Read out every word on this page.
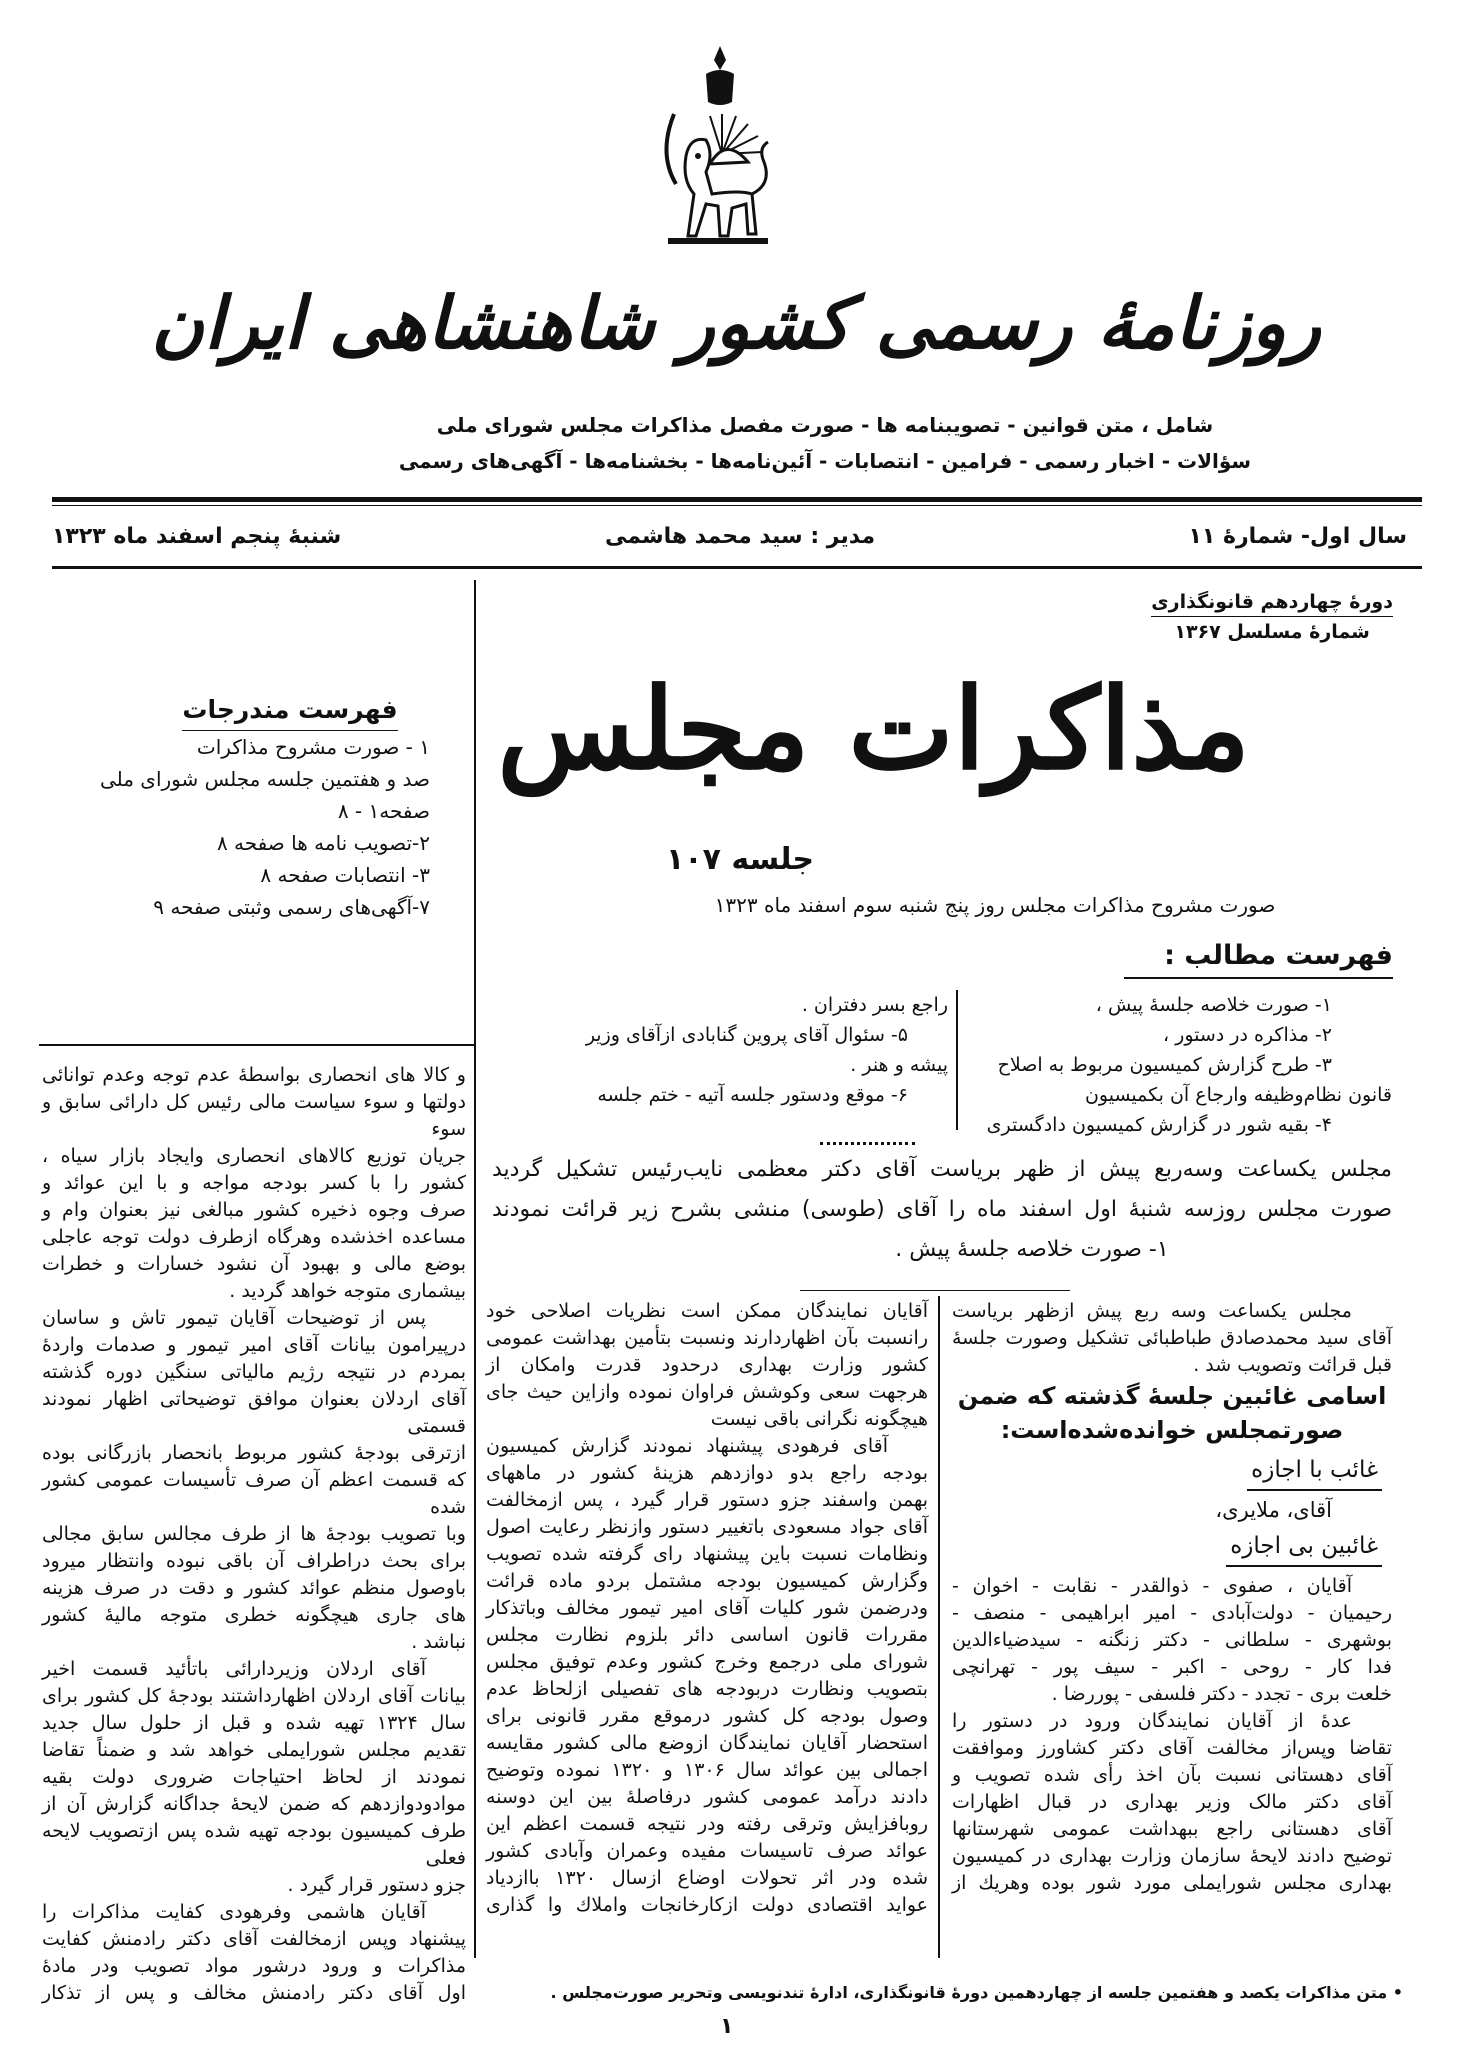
روزنامهٔ رسمی کشور شاهنشاهی ایران
شامل ، متن قوانین - تصویبنامه ها - صورت مفصل مذاکرات مجلس شورای ملی
سؤالات - اخبار رسمی - فرامین - انتصابات - آئین‌نامه‌ها - بخشنامه‌ها - آگهی‌های رسمی
سال اول- شمارهٔ ۱۱
مدیر : سید محمد هاشمی
شنبهٔ پنجم اسفند ماه ۱۳۲۳
فهرست مندرجات
۱ - صورت مشروح مذاکرات
صد و هفتمین جلسه مجلس شورای ملی
صفحه۱ - ۸
۲-تصویب نامه ها صفحه ۸
۳- انتصابات صفحه ۸
۷-آگهی‌های رسمی وثبتی صفحه ۹
دورهٔ چهاردهم قانونگذاری
شمارهٔ مسلسل ۱۳۶۷
مذاکرات مجلس
جلسه ۱۰۷
صورت مشروح مذاکرات مجلس روز پنج شنبه سوم اسفند ماه ۱۳۲۳
فهرست مطالب :
۱- صورت خلاصه جلسهٔ پیش ،
۲- مذاکره در دستور ،
۳- طرح گزارش کمیسیون مربوط به اصلاح
قانون نظام‌وظیفه وارجاع آن بکمیسیون
۴- بقیه شور در گزارش کمیسیون دادگستری
راجع بسر دفتران .
۵- سئوال آقای پروین گنابادی ازآقای وزیر
پیشه و هنر .
۶- موقع ودستور جلسه آتیه - ختم جلسه
مجلس یکساعت وسه‌ربع پیش از ظهر بریاست آقای دکتر معظمی نایب‌رئیس تشکیل گردید
صورت مجلس روزسه شنبهٔ اول اسفند ماه را آقای (طوسی) منشی بشرح زیر قرائت نمودند
۱- صورت خلاصه جلسهٔ پیش .
و کالا های انحصاری بواسطهٔ عدم توجه وعدم توانائی
دولتها و سوء سیاست مالی رئیس کل دارائی سابق و سوء
جریان توزیع کالاهای انحصاری وایجاد بازار سیاه ،
کشور را با کسر بودجه مواجه و با این عوائد و
صرف وجوه ذخیره کشور مبالغی نیز بعنوان وام و
مساعده اخذشده وهرگاه ازطرف دولت توجه عاجلی
بوضع مالی و بهبود آن نشود خسارات و خطرات
بیشماری متوجه خواهد گردید .
پس از توضیحات آقایان تیمور تاش و ساسان
درپیرامون بیانات آقای امیر تیمور و صدمات واردهٔ
بمردم در نتیجه رژیم مالیاتی سنگین دوره گذشته
آقای اردلان بعنوان موافق توضیحاتی اظهار نمودند قسمتی
ازترقی بودجهٔ کشور مربوط بانحصار بازرگانی بوده
که قسمت اعظم آن صرف تأسیسات عمومی کشور شده
وبا تصویب بودجهٔ ها از طرف مجالس سابق مجالی
برای بحث دراطراف آن باقی نبوده وانتظار میرود
باوصول منظم عوائد کشور و دقت در صرف هزینه
های جاری هیچگونه خطری متوجه مالیهٔ کشور
نباشد .
آقای اردلان وزیردارائی باتأئید قسمت اخیر
بیانات آقای اردلان اظهارداشتند بودجهٔ کل کشور برای
سال ۱۳۲۴ تهیه شده و قبل از حلول سال جدید
تقدیم مجلس شورایملی خواهد شد و ضمناً تقاضا
نمودند از لحاظ احتیاجات ضروری دولت بقیه
موادودوازدهم که ضمن لایحهٔ جداگانه گزارش آن از
طرف کمیسیون بودجه تهیه شده پس ازتصویب لایحه فعلی
جزو دستور قرار گیرد .
آقایان هاشمی وفرهودی کفایت مذاکرات را
پیشنهاد وپس ازمخالفت آقای دکتر رادمنش کفایت
مذاکرات و ورود درشور مواد تصویب ودر مادهٔ
اول آقای دکتر رادمنش مخالف و پس از تذکار
آقایان نمایندگان ممکن است نظریات اصلاحی خود
رانسبت بآن اظهاردارند ونسبت بتأمین بهداشت عمومی
کشور وزارت بهداری درحدود قدرت وامکان از
هرجهت سعی وکوشش فراوان نموده وازاین حیث جای
هیچگونه نگرانی باقی نیست
آقای فرهودی پیشنهاد نمودند گزارش کمیسیون
بودجه راجع بدو دوازدهم هزینهٔ کشور در ماههای
بهمن واسفند جزو دستور قرار گیرد ، پس ازمخالفت
آقای جواد مسعودی باتغییر دستور وازنظر رعایت اصول
ونظامات نسبت باین پیشنهاد رای گرفته شده تصویب
وگزارش کمیسیون بودجه مشتمل بردو ماده قرائت
ودرضمن شور کلیات آقای امیر تیمور مخالف وباتذکار
مقررات قانون اساسی دائر بلزوم نظارت مجلس
شورای ملی درجمع وخرج کشور وعدم توفیق مجلس
بتصویب ونظارت دربودجه های تفصیلی ازلحاظ عدم
وصول بودجه کل کشور درموقع مقرر قانونی برای
استحضار آقایان نمایندگان ازوضع مالی کشور مقایسه
اجمالی بین عوائد سال ۱۳۰۶ و ۱۳۲۰ نموده وتوضیح
دادند درآمد عمومی کشور درفاصلهٔ بین این دوسنه
روبافزایش وترقی رفته ودر نتیجه قسمت اعظم این
عوائد صرف تاسیسات مفیده وعمران وآبادی کشور
شده ودر اثر تحولات اوضاع ازسال ۱۳۲۰ باازدیاد
عواید اقتصادی دولت ازکارخانجات واملاك وا گذاری
مجلس یکساعت وسه ربع پیش ازظهر بریاست
آقای سید محمدصادق طباطبائی تشکیل وصورت جلسهٔ
قبل قرائت وتصویب شد .
اسامی غائبین جلسهٔ گذشته که ضمن
صورتمجلس خوانده‌شده‌است:
غائب با اجازه
آقای، ملایری،
غائبین بی اجازه
آقایان ، صفوی - ذوالقدر - نقابت - اخوان -
رحیمیان - دولت‌آبادی - امیر ابراهیمی - منصف -
بوشهری - سلطانی - دکتر زنگنه - سیدضیاءالدین
فدا کار - روحی - اکبر - سیف پور - تهرانچی
خلعت بری - تجدد - دکتر فلسفی - پوررضا .
عدهٔ از آقایان نمایندگان ورود در دستور را
تقاضا وپس‌از مخالفت آقای دکتر کشاورز وموافقت
آقای دهستانی نسبت بآن اخذ رأی شده تصویب و
آقای دکتر مالک وزیر بهداری در قبال اظهارات
آقای دهستانی راجع ببهداشت عمومی شهرستانها
توضیح دادند لایحهٔ سازمان وزارت بهداری در کمیسیون
بهداری مجلس شورایملی مورد شور بوده وهریك از
• متن مذاکرات یکصد و هفتمین جلسه از چهاردهمین دورهٔ قانونگذاری، ادارهٔ تندنویسی وتحریر صورت‌مجلس .
۱
